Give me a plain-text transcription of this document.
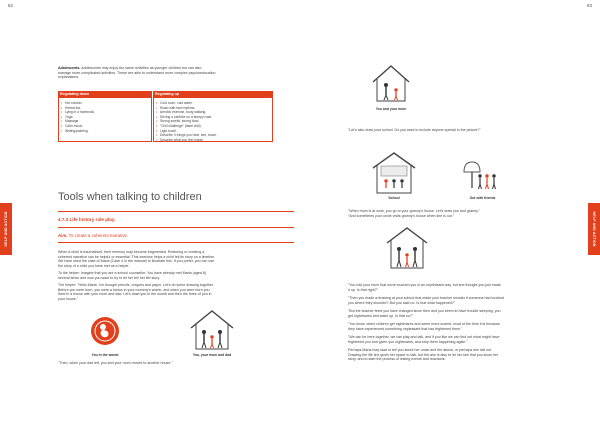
82	83
HELP AND ACTION	HELP AND ACTION
Adolescents. Adolescents may enjoy the same activities as younger children but can also
manage more complicated activities. These are able to understand more complex psychoeducation
explanations.
Regulating down	Regulating up
• Hot shower.
• Herbal tea.
• Lying in a hammock.
• Yoga.
• Massage.
• Calm music.
• Writing/painting.
• Cold room, cold water.
• Music with fast rhythms.
• Aerobic exercise, body walking.
• Driving a car/bike on a bumpy road.
• Strong smells, strong food.
• "Chili challenge" (taste chili).
• Light touch.
• Describe 3 things you hear, see, touch.
• Describe what you feel inside.
Tools when talking to children
4.7.3 Life history role play.
Aim. To create a coherent narrative.
When a child is traumatised, their memory may become fragmented. Restoring or creating a
coherent narrative can be helpful or essential. This exercise helps a child tell its story on a timeline.
We have used the case of Maria (Case 4 in the manual) to illustrate this. If you prefer, you can use
the story of a child you have met as a helper.
To the helper: Imagine that you are a school counsellor. You have already met Maria (aged 8)
several times and now you want to try to let her tell her life story.
The helper: "Hello Maria. I've brought pencils, crayons and paper. Let's do some drawing together.
Before you were born, you were a foetus in your mummy's womb, and when you were born you
lived in a house with your mum and dad. Let's draw you in the womb and then the three of you in
your house."
You in the womb	You, your mum and dad
"Then, when your dad left, you and your mum moved to another house."
You and your mum
"Let's also draw your school. Do you want to include anyone special in the picture?"
School	Out with friends
"When mum is at work, you go to your granny's house. Let's draw you and granny."
"And sometimes your uncle visits granny's house when she is out."
"You told your mum that uncle touched you in an unpleasant way, but she thought you just made
it up. Is that right?"
"Then you made a drawing at your school that made your teacher wonder if someone had touched
you where they shouldn't. But you said no. Is that what happened?"
"But the teacher feels you have changed since then and you seem to have trouble sleeping, you
get nightmares and wake up. Is that so?"
"You know, when children get nightmares and seem more scared, most of the time it is because
they have experienced something unpleasant that has frightened them."
"We can be here together, we can play and talk, and if you like we can find out what might have
frightened you and given you nightmares, and stop them happening again."
Perhaps Maria may start to tell you about her uncle and the abuse, or perhaps she will not.
Drawing the life line gives her space to talk, but the aim is also to let her see that you know her
story, and to start the process of linking events and reactions.
